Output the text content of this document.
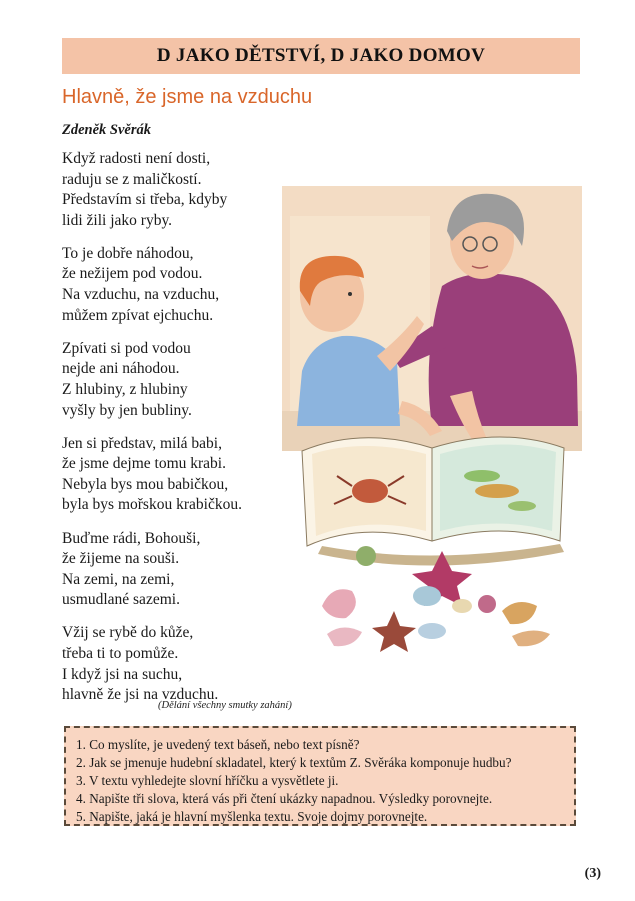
D JAKO DĚTSTVÍ, D JAKO DOMOV
Hlavně, že jsme na vzduchu
Zdeněk Svěrák
Když radosti není dosti,
raduju se z maličkostí.
Představím si třeba, kdyby
lidi žili jako ryby.
To je dobře náhodou,
že nežijem pod vodou.
Na vzduchu, na vzduchu,
můžem zpívat ejchuchu.
Zpívati si pod vodou
nejde ani náhodou.
Z hlubiny, z hlubiny
vyšly by jen bubliny.
Jen si představ, milá babi,
že jsme dejme tomu krabi.
Nebyla bys mou babičkou,
byla bys mořskou krabičkou.
Buďme rádi, Bohouši,
že žijeme na souši.
Na zemi, na zemi,
usmudlané sazemi.
Vžij se rybě do kůže,
třeba ti to pomůže.
I když jsi na suchu,
hlavně že jsi na vzduchu.
(Dělání všechny smutky zahání)
1. Co myslíte, je uvedený text báseň, nebo text písně?
2. Jak se jmenuje hudební skladatel, který k textům Z. Svěráka komponuje hudbu?
3. V textu vyhledejte slovní hříčku a vysvětlete ji.
4. Napište tři slova, která vás při čtení ukázky napadnou. Výsledky porovnejte.
5. Napište, jaká je hlavní myšlenka textu. Svoje dojmy porovnejte.
(3)
